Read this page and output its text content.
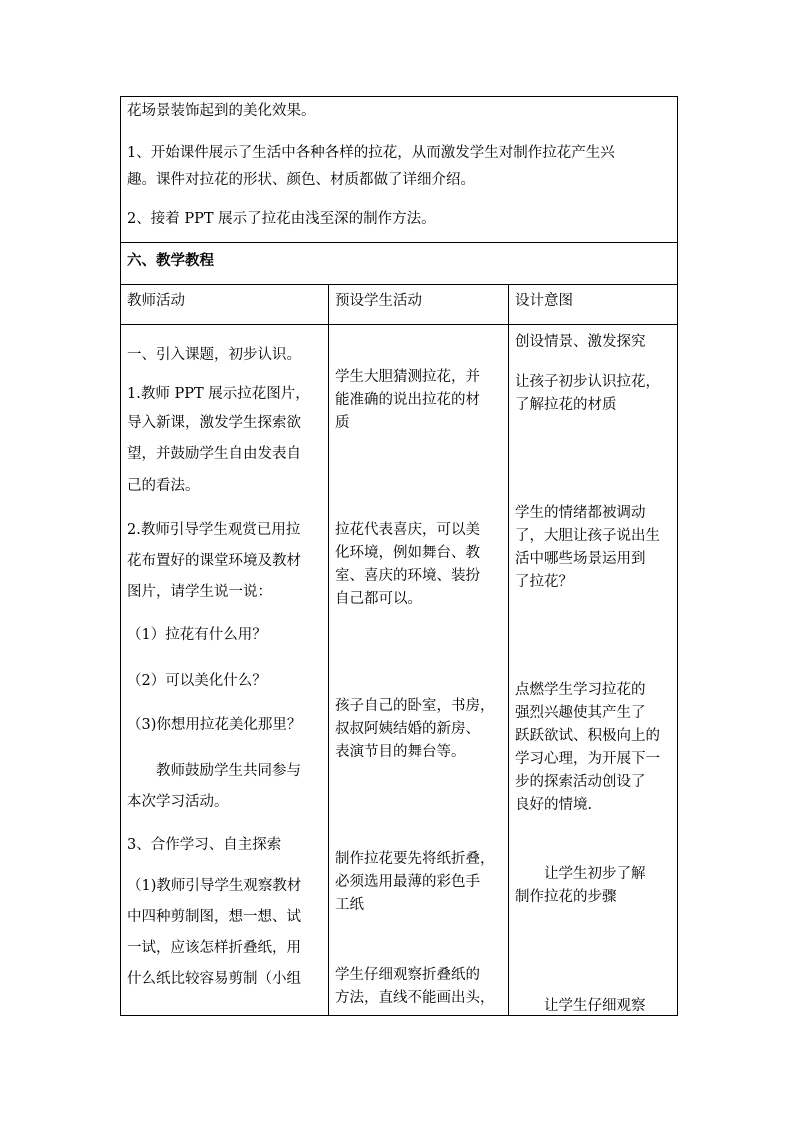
花场景装饰起到的美化效果。
1、开始课件展示了生活中各种各样的拉花，从而激发学生对制作拉花产生兴
趣。课件对拉花的形状、颜色、材质都做了详细介绍。
2、接着 PPT 展示了拉花由浅至深的制作方法。
六、教学教程
教师活动	预设学生活动	设计意图
一、引入课题，初步认识。
1.教师 PPT 展示拉花图片，
导入新课，激发学生探索欲
望，并鼓励学生自由发表自
己的看法。
2.教师引导学生观赏已用拉
花布置好的课堂环境及教材
图片，请学生说一说：
（1）拉花有什么用？
（2）可以美化什么？
（3)你想用拉花美化那里？
教师鼓励学生共同参与
本次学习活动。
3、合作学习、自主探索
（1)教师引导学生观察教材
中四种剪制图，想一想、试
一试，应该怎样折叠纸，用
什么纸比较容易剪制（小组
学生大胆猜测拉花，并
能准确的说出拉花的材
质
拉花代表喜庆，可以美
化环境，例如舞台、教
室、喜庆的环境、装扮
自己都可以。
孩子自己的卧室，书房，
叔叔阿姨结婚的新房、
表演节目的舞台等。
制作拉花要先将纸折叠，
必须选用最薄的彩色手
工纸
学生仔细观察折叠纸的
方法，直线不能画出头，
创设情景、激发探究
让孩子初步认识拉花，
了解拉花的材质
学生的情绪都被调动
了，大胆让孩子说出生
活中哪些场景运用到
了拉花？
点燃学生学习拉花的
强烈兴趣使其产生了
跃跃欲试、积极向上的
学习心理，为开展下一
步的探索活动创设了
良好的情境.
让学生初步了解
制作拉花的步骤
让学生仔细观察
